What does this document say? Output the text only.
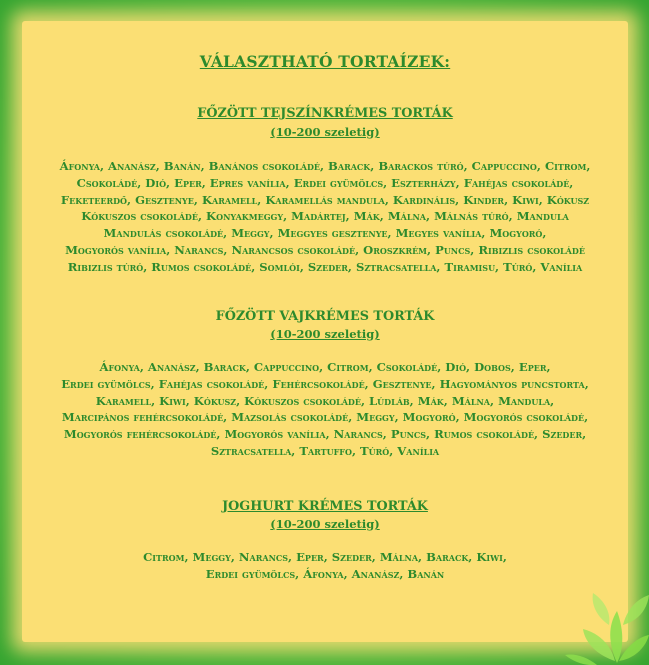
VÁLASZTHATÓ TORTAÍZEK:
FŐZÖTT TEJSZÍNKRÉMES TORTÁK
(10-200 szeletig)
Áfonya, Ananász, Banán, Banános csokoládé, Barack, Barackos túró, Cappuccino, Citrom,
Csokoládé, Dió, Eper, Epres vanília, Erdei gyümölcs, Eszterházy, Fahéjas csokoládé,
Feketeerdő, Gesztenye, Karamell, Karamellás mandula, Kardinális, Kinder, Kiwi, Kókusz
Kókuszos csokoládé, Konyakmeggy, Madártej, Mák, Málna, Málnás túró, Mandula
Mandulás csokoládé, Meggy, Meggyes gesztenye, Megyes vanília, Mogyoró,
Mogyorós vanília, Narancs, Narancsos csokoládé, Oroszkrém, Puncs, Ribizlis csokoládé
Ribizlis túró, Rumos csokoládé, Somlói, Szeder, Sztracsatella, Tiramisu, Túró, Vanília
FŐZÖTT VAJKRÉMES TORTÁK
(10-200 szeletig)
Áfonya, Ananász, Barack, Cappuccino, Citrom, Csokoládé, Dió, Dobos, Eper,
Erdei gyümölcs, Fahéjas csokoládé, Fehércsokoládé, Gesztenye, Hagyományos puncstorta,
Karamell, Kiwi, Kókusz, Kókuszos csokoládé, Lúdláb, Mák, Málna, Mandula,
Marcipános fehércsokoládé, Mazsolás csokoládé, Meggy, Mogyoró, Mogyorós csokoládé,
Mogyorós fehércsokoládé, Mogyorós vanília, Narancs, Puncs, Rumos csokoládé, Szeder,
Sztracsatella, Tartuffo, Túró, Vanília
JOGHURT KRÉMES TORTÁK
(10-200 szeletig)
Citrom, Meggy, Narancs, Eper, Szeder, Málna, Barack, Kiwi,
Erdei gyümölcs, Áfonya, Ananász, Banán
